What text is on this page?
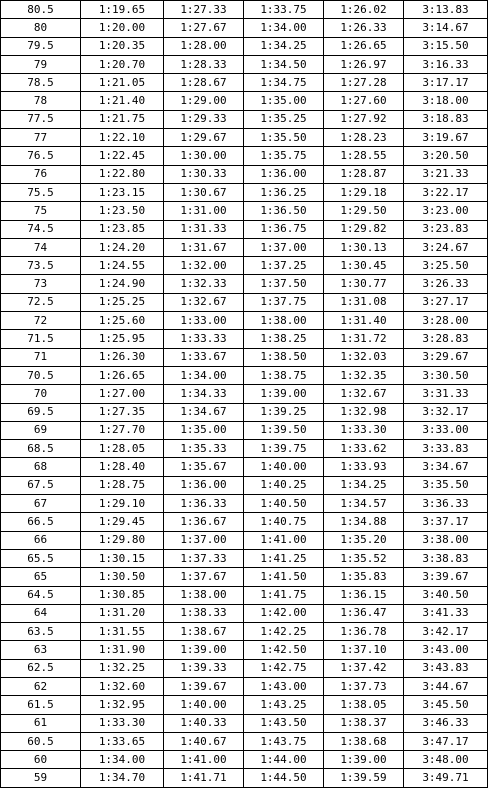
80.5	1:19.65	1:27.33	1:33.75	1:26.02	3:13.83
80	1:20.00	1:27.67	1:34.00	1:26.33	3:14.67
79.5	1:20.35	1:28.00	1:34.25	1:26.65	3:15.50
79	1:20.70	1:28.33	1:34.50	1:26.97	3:16.33
78.5	1:21.05	1:28.67	1:34.75	1:27.28	3:17.17
78	1:21.40	1:29.00	1:35.00	1:27.60	3:18.00
77.5	1:21.75	1:29.33	1:35.25	1:27.92	3:18.83
77	1:22.10	1:29.67	1:35.50	1:28.23	3:19.67
76.5	1:22.45	1:30.00	1:35.75	1:28.55	3:20.50
76	1:22.80	1:30.33	1:36.00	1:28.87	3:21.33
75.5	1:23.15	1:30.67	1:36.25	1:29.18	3:22.17
75	1:23.50	1:31.00	1:36.50	1:29.50	3:23.00
74.5	1:23.85	1:31.33	1:36.75	1:29.82	3:23.83
74	1:24.20	1:31.67	1:37.00	1:30.13	3:24.67
73.5	1:24.55	1:32.00	1:37.25	1:30.45	3:25.50
73	1:24.90	1:32.33	1:37.50	1:30.77	3:26.33
72.5	1:25.25	1:32.67	1:37.75	1:31.08	3:27.17
72	1:25.60	1:33.00	1:38.00	1:31.40	3:28.00
71.5	1:25.95	1:33.33	1:38.25	1:31.72	3:28.83
71	1:26.30	1:33.67	1:38.50	1:32.03	3:29.67
70.5	1:26.65	1:34.00	1:38.75	1:32.35	3:30.50
70	1:27.00	1:34.33	1:39.00	1:32.67	3:31.33
69.5	1:27.35	1:34.67	1:39.25	1:32.98	3:32.17
69	1:27.70	1:35.00	1:39.50	1:33.30	3:33.00
68.5	1:28.05	1:35.33	1:39.75	1:33.62	3:33.83
68	1:28.40	1:35.67	1:40.00	1:33.93	3:34.67
67.5	1:28.75	1:36.00	1:40.25	1:34.25	3:35.50
67	1:29.10	1:36.33	1:40.50	1:34.57	3:36.33
66.5	1:29.45	1:36.67	1:40.75	1:34.88	3:37.17
66	1:29.80	1:37.00	1:41.00	1:35.20	3:38.00
65.5	1:30.15	1:37.33	1:41.25	1:35.52	3:38.83
65	1:30.50	1:37.67	1:41.50	1:35.83	3:39.67
64.5	1:30.85	1:38.00	1:41.75	1:36.15	3:40.50
64	1:31.20	1:38.33	1:42.00	1:36.47	3:41.33
63.5	1:31.55	1:38.67	1:42.25	1:36.78	3:42.17
63	1:31.90	1:39.00	1:42.50	1:37.10	3:43.00
62.5	1:32.25	1:39.33	1:42.75	1:37.42	3:43.83
62	1:32.60	1:39.67	1:43.00	1:37.73	3:44.67
61.5	1:32.95	1:40.00	1:43.25	1:38.05	3:45.50
61	1:33.30	1:40.33	1:43.50	1:38.37	3:46.33
60.5	1:33.65	1:40.67	1:43.75	1:38.68	3:47.17
60	1:34.00	1:41.00	1:44.00	1:39.00	3:48.00
59	1:34.70	1:41.71	1:44.50	1:39.59	3:49.71
